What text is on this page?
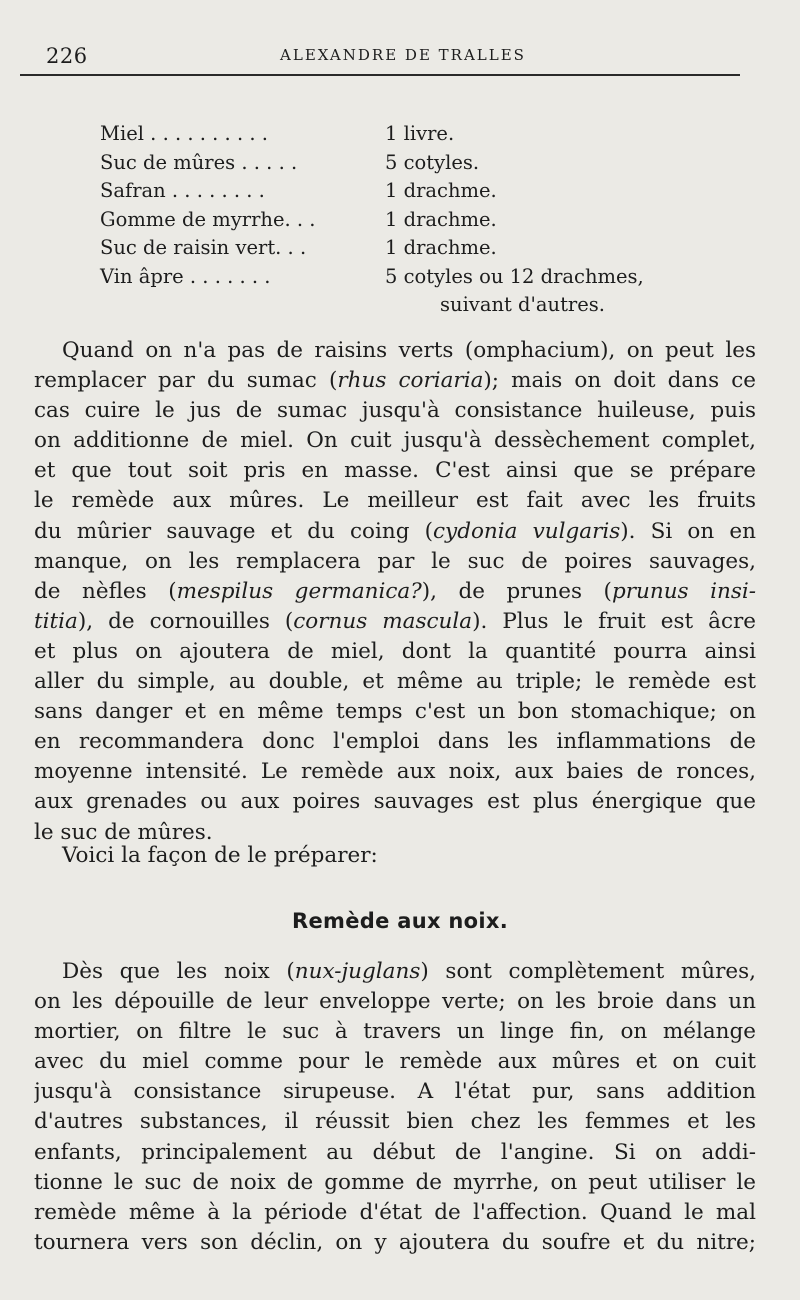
226	ALEXANDRE DE TRALLES
Miel . . . . . . . . . .	1 livre.
Suc de mûres . . . . .	5 cotyles.
Safran . . . . . . . .	1 drachme.
Gomme de myrrhe. . .	1 drachme.
Suc de raisin vert. . .	1 drachme.
Vin âpre . . . . . . .	5 cotyles ou 12 drachmes,
suivant d'autres.
Quand on n'a pas de raisins verts (omphacium), on peut les
remplacer par du sumac (rhus coriaria); mais on doit dans ce
cas cuire le jus de sumac jusqu'à consistance huileuse, puis
on additionne de miel. On cuit jusqu'à dessèchement complet,
et que tout soit pris en masse. C'est ainsi que se prépare
le remède aux mûres. Le meilleur est fait avec les fruits
du mûrier sauvage et du coing (cydonia vulgaris). Si on en
manque, on les remplacera par le suc de poires sauvages,
de nèfles (mespilus germanica?), de prunes (prunus insi-
titia), de cornouilles (cornus mascula). Plus le fruit est âcre
et plus on ajoutera de miel, dont la quantité pourra ainsi
aller du simple, au double, et même au triple; le remède est
sans danger et en même temps c'est un bon stomachique; on
en recommandera donc l'emploi dans les inflammations de
moyenne intensité. Le remède aux noix, aux baies de ronces,
aux grenades ou aux poires sauvages est plus énergique que
le suc de mûres.
Voici la façon de le préparer:
Remède aux noix.
Dès que les noix (nux-juglans) sont complètement mûres,
on les dépouille de leur enveloppe verte; on les broie dans un
mortier, on filtre le suc à travers un linge fin, on mélange
avec du miel comme pour le remède aux mûres et on cuit
jusqu'à consistance sirupeuse. A l'état pur, sans addition
d'autres substances, il réussit bien chez les femmes et les
enfants, principalement au début de l'angine. Si on addi-
tionne le suc de noix de gomme de myrrhe, on peut utiliser le
remède même à la période d'état de l'affection. Quand le mal
tournera vers son déclin, on y ajoutera du soufre et du nitre;
